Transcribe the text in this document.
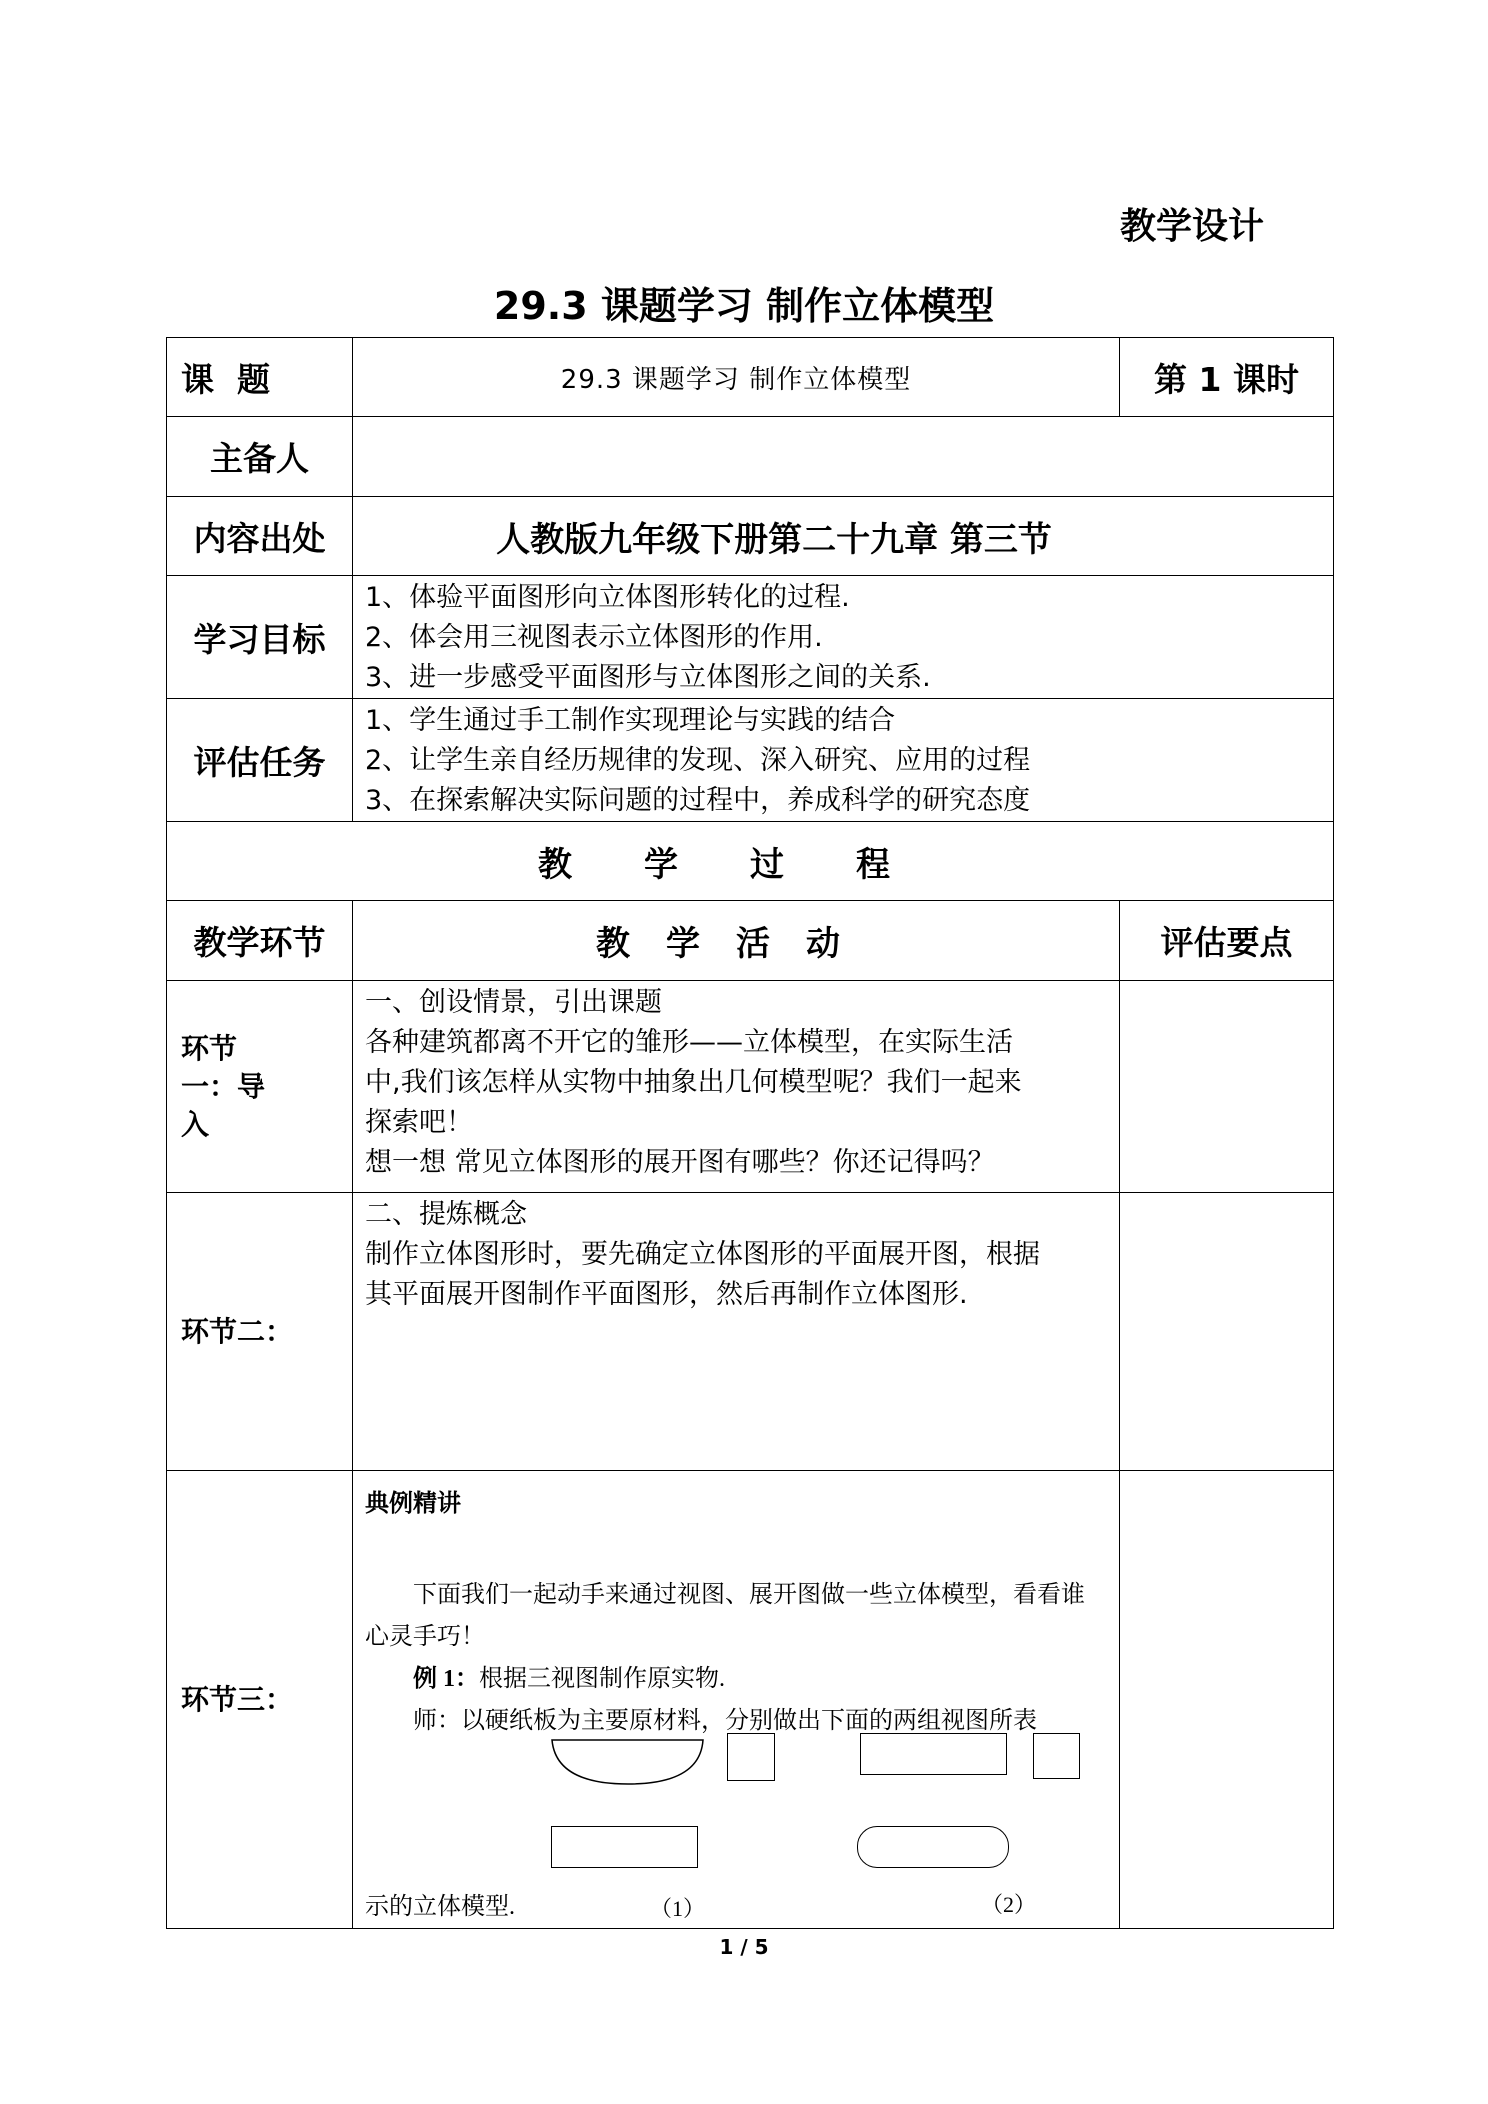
教学设计
29.3 课题学习 制作立体模型
课  题	29.3 课题学习 制作立体模型	第 1 课时
主备人		
内容出处	人教版九年级下册第二十九章 第三节	
学习目标	1、体验平面图形向立体图形转化的过程.
2、体会用三视图表示立体图形的作用.
3、进一步感受平面图形与立体图形之间的关系.	

评估任务	1、学生通过手工制作实现理论与实践的结合
2、让学生亲自经历规律的发现、深入研究、应用的过程
3、在探索解决实际问题的过程中，养成科学的研究态度	

教学过程		
教学环节	教学活动	评估要点

环节一：导入	一、创设情景，引出课题
各种建筑都离不开它的雏形——立体模型，在实际生活
中,我们该怎样从实物中抽象出几何模型呢？我们一起来
探索吧！
想一想 常见立体图形的展开图有哪些？你还记得吗？	

环节二：	二、提炼概念
制作立体图形时，要先确定立体图形的平面展开图，根据
其平面展开图制作平面图形，然后再制作立体图形.	

环节三：	典例精讲
下面我们一起动手来通过视图、展开图做一些立体模型，看看谁心灵手巧！
例 1：根据三视图制作原实物.
师：以硬纸板为主要原材料，分别做出下面的两组视图所表
示的立体模型.	
		（1）	（2）
1 / 5
